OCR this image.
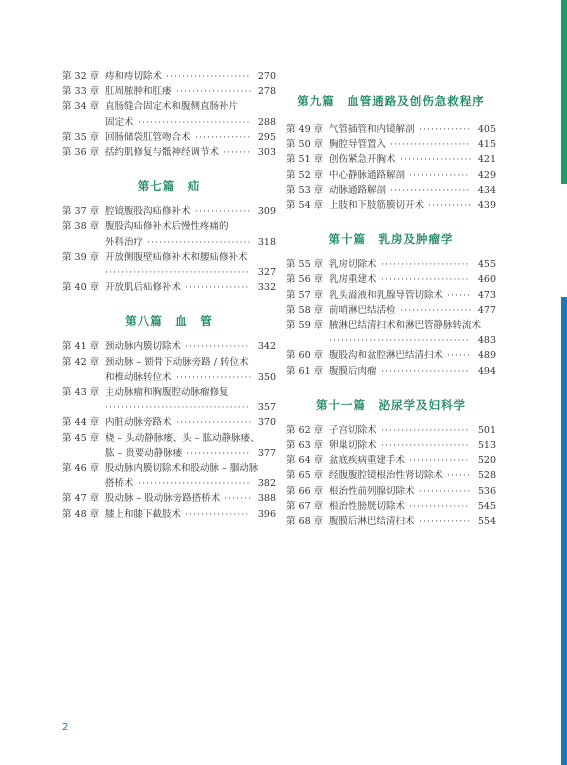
第 32 章 痔和痔切除术 ····················· 270
第 33 章 肛周脓肿和肛瘘 ··················· 278
第 34 章 直肠缝合固定术和腹侧直肠补片
固定术 ···························· 288
第 35 章 回肠储袋肛管吻合术 ·············· 295
第 36 章 括约肌修复与骶神经调节术 ······· 303
第七篇　疝
第 37 章 腔镜腹股沟疝修补术 ·············· 309
第 38 章 腹股沟疝修补术后慢性疼痛的
外科治疗 ·························· 318
第 39 章 开放侧腹壁疝修补术和腰疝修补术
···································· 327
第 40 章 开放肌后疝修补术 ················ 332
第八篇　血　管
第 41 章 颈动脉内膜切除术 ················ 342
第 42 章 颈动脉 – 锁骨下动脉旁路 / 转位术
和椎动脉转位术 ··················· 350
第 43 章 主动脉瘤和胸腹腔动脉瘤修复
···································· 357
第 44 章 内脏动脉旁路术 ··················· 370
第 45 章 桡 – 头动静脉瘘、头 – 肱动静脉瘘、
肱 – 贵要动静脉瘘 ················ 377
第 46 章 股动脉内膜切除术和股动脉 – 腘动脉
搭桥术 ···························· 382
第 47 章 股动脉 – 股动脉旁路搭桥术 ······· 388
第 48 章 膝上和膝下截肢术 ················ 396
第九篇　血管通路及创伤急救程序
第 49 章 气管插管和内镜解剖 ············· 405
第 50 章 胸腔导管置入 ···················· 415
第 51 章 创伤紧急开胸术 ·················· 421
第 52 章 中心静脉通路解剖 ··············· 429
第 53 章 动脉通路解剖 ···················· 434
第 54 章 上肢和下肢筋膜切开术 ··········· 439
第十篇　乳房及肿瘤学
第 55 章 乳房切除术 ······················ 455
第 56 章 乳房重建术 ······················ 460
第 57 章 乳头溢液和乳腺导管切除术 ······ 473
第 58 章 前哨淋巴结活检 ·················· 477
第 59 章 腋淋巴结清扫术和淋巴管静脉转流术
··································· 483
第 60 章 腹股沟和盆腔淋巴结清扫术 ······ 489
第 61 章 腹膜后肉瘤 ······················ 494
第十一篇　泌尿学及妇科学
第 62 章 子宫切除术 ······················ 501
第 63 章 卵巢切除术 ······················ 513
第 64 章 盆底疾病重建手术 ··············· 520
第 65 章 经腹腹腔镜根治性肾切除术 ······ 528
第 66 章 根治性前列腺切除术 ············· 536
第 67 章 根治性膀胱切除术 ··············· 545
第 68 章 腹膜后淋巴结清扫术 ············· 554
2
